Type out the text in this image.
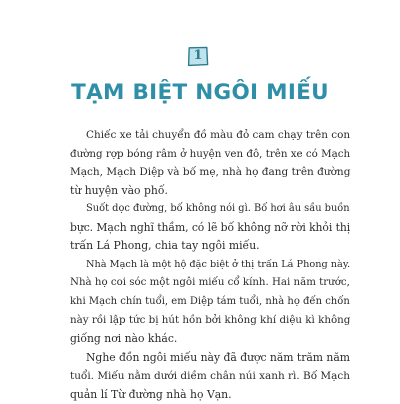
1
TẠM BIỆT NGÔI MIẾU
Chiếc xe tải chuyển đồ màu đỏ cam chạy trên con
đường rợp bóng râm ở huyện ven đô, trên xe có Mạch
Mạch, Mạch Diệp và bố mẹ, nhà họ đang trên đường
từ huyện vào phố.
Suốt dọc đường, bố không nói gì. Bố hơi âu sầu buồn
bực. Mạch nghĩ thầm, có lẽ bố không nỡ rời khỏi thị
trấn Lá Phong, chia tay ngôi miếu.
Nhà Mạch là một hộ đặc biệt ở thị trấn Lá Phong này.
Nhà họ coi sóc một ngôi miếu cổ kính. Hai năm trước,
khi Mạch chín tuổi, em Diệp tám tuổi, nhà họ đến chốn
này rồi lập tức bị hút hồn bởi không khí diệu kì không
giống nơi nào khác.
Nghe đồn ngôi miếu này đã được năm trăm năm
tuổi. Miếu nằm dưới diềm chân núi xanh rì. Bố Mạch
quản lí Từ đường nhà họ Vạn.
